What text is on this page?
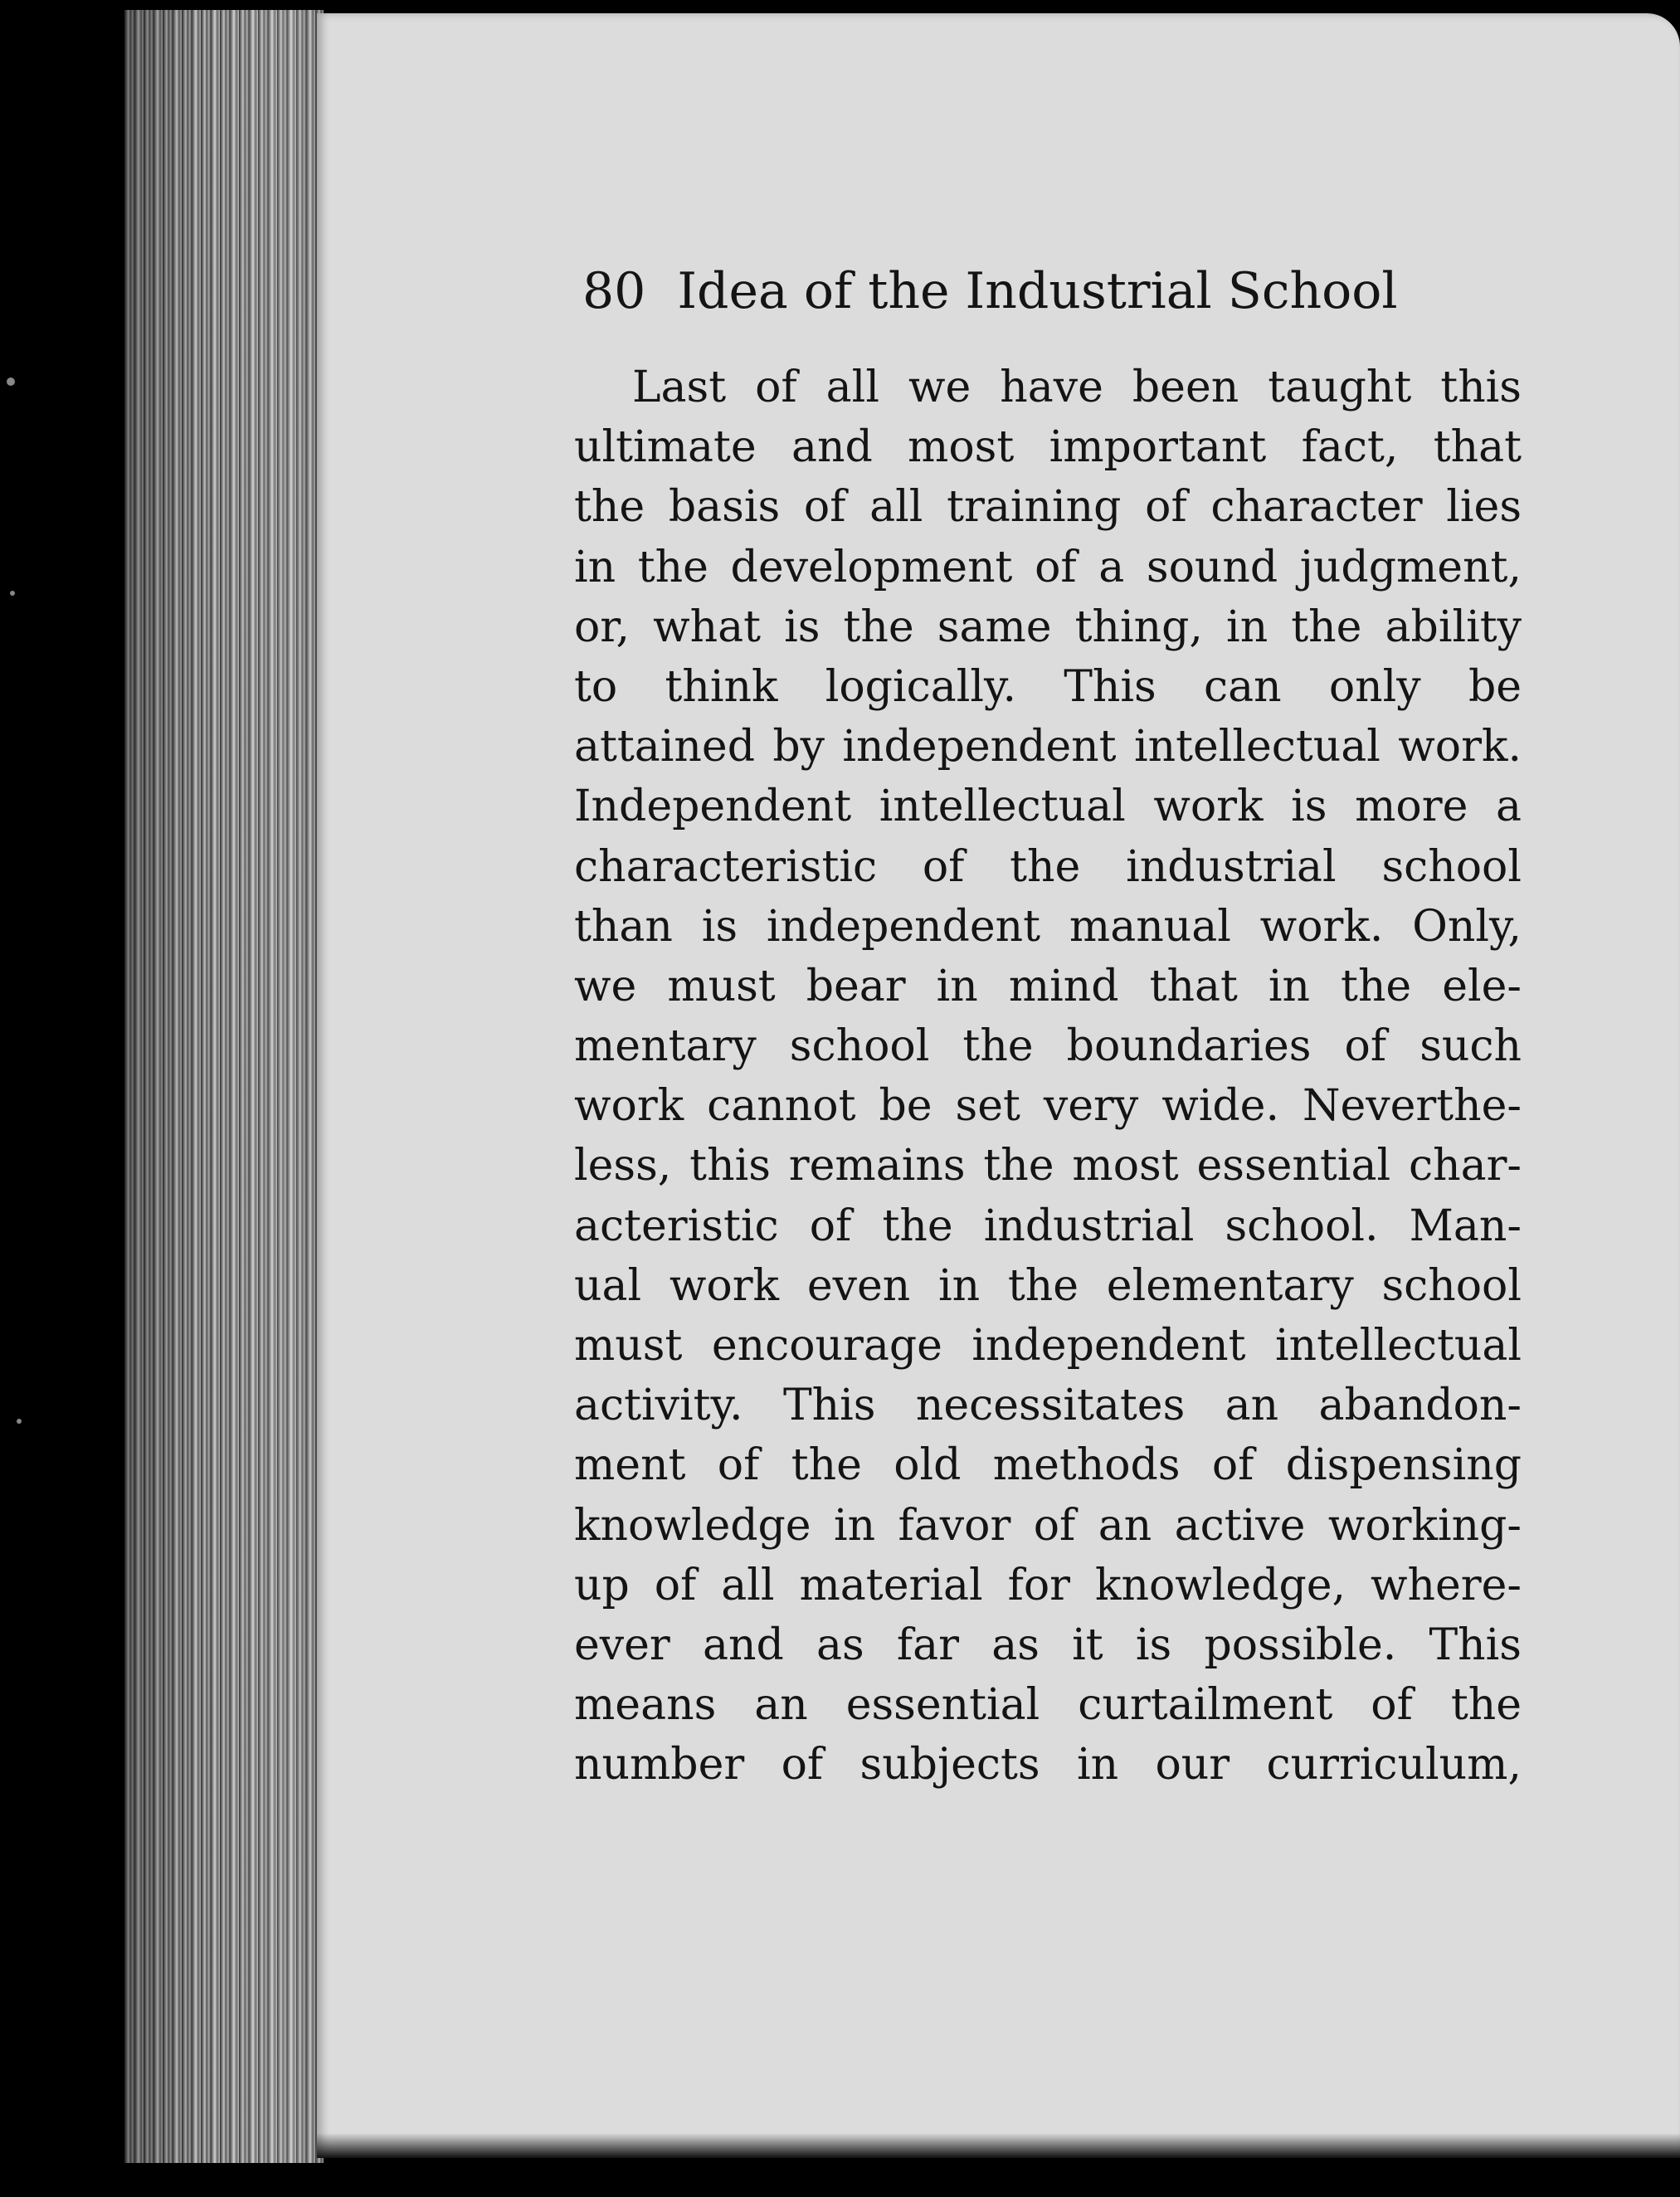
80 Idea of the Industrial School
Last of all we have been taught this
ultimate and most important fact, that
the basis of all training of character lies
in the development of a sound judgment,
or, what is the same thing, in the ability
to think logically. This can only be
attained by independent intellectual work.
Independent intellectual work is more a
characteristic of the industrial school
than is independent manual work. Only,
we must bear in mind that in the ele-
mentary school the boundaries of such
work cannot be set very wide. Neverthe-
less, this remains the most essential char-
acteristic of the industrial school. Man-
ual work even in the elementary school
must encourage independent intellectual
activity. This necessitates an abandon-
ment of the old methods of dispensing
knowledge in favor of an active working-
up of all material for knowledge, where-
ever and as far as it is possible. This
means an essential curtailment of the
number of subjects in our curriculum,
